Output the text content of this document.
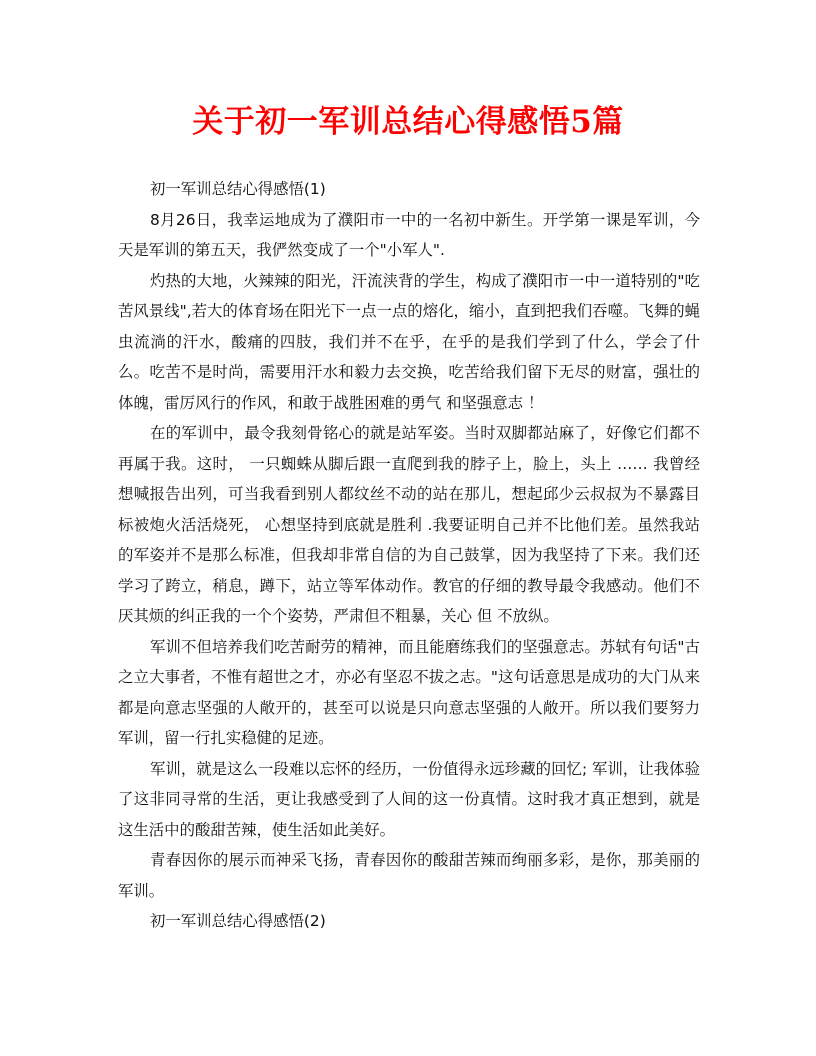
关于初一军训总结心得感悟5篇

初一军训总结心得感悟(1)

8月26日，我幸运地成为了濮阳市一中的一名初中新生。开学第一课是军训，今天是军训的第五天，我俨然变成了一个"小军人".

灼热的大地，火辣辣的阳光，汗流浃背的学生，构成了濮阳市一中一道特别的"吃苦风景线",若大的体育场在阳光下一点一点的熔化，缩小，直到把我们吞噬。飞舞的蝇虫流淌的汗水，酸痛的四肢，我们并不在乎，在乎的是我们学到了什么，学会了什么。吃苦不是时尚，需要用汗水和毅力去交换，吃苦给我们留下无尽的财富，强壮的体魄，雷厉风行的作风，和敢于战胜困难的勇气 和坚强意志 ！

在的军训中，最令我刻骨铭心的就是站军姿。当时双脚都站麻了，好像它们都不再属于我。这时， 一只蜘蛛从脚后跟一直爬到我的脖子上，脸上，头上 …… 我曾经想喊报告出列，可当我看到别人都纹丝不动的站在那儿，想起邱少云叔叔为不暴露目标被炮火活活烧死， 心想坚持到底就是胜利 .我要证明自己并不比他们差。虽然我站的军姿并不是那么标准，但我却非常自信的为自己鼓掌，因为我坚持了下来。我们还学习了跨立，稍息，蹲下，站立等军体动作。教官的仔细的教导最令我感动。他们不厌其烦的纠正我的一个个姿势，严肃但不粗暴，关心 但 不放纵。

军训不但培养我们吃苦耐劳的精神，而且能磨练我们的坚强意志。苏轼有句话"古之立大事者，不惟有超世之才，亦必有坚忍不拔之志。"这句话意思是成功的大门从来都是向意志坚强的人敞开的，甚至可以说是只向意志坚强的人敞开。所以我们要努力军训，留一行扎实稳健的足迹。

军训，就是这么一段难以忘怀的经历，一份值得永远珍藏的回忆; 军训，让我体验了这非同寻常的生活，更让我感受到了人间的这一份真情。这时我才真正想到，就是这生活中的酸甜苦辣，使生活如此美好。

青春因你的展示而神采飞扬，青春因你的酸甜苦辣而绚丽多彩，是你，那美丽的军训。

初一军训总结心得感悟(2)
